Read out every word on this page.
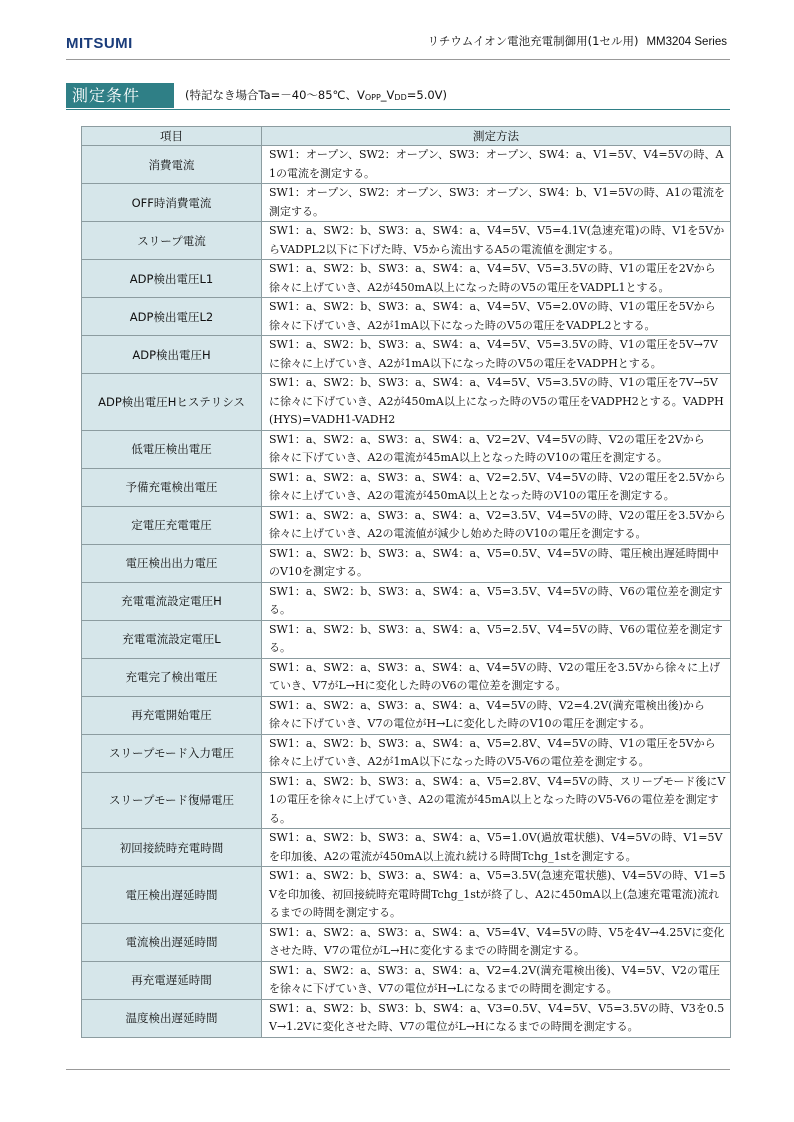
MITSUMI	リチウムイオン電池充電制御用(1セル用) MM3204 Series
測定条件	(特記なき場合Ta=－40～85℃、VOPP_VDD=5.0V)
項目	測定方法
消費電流	SW1：オープン、SW2：オープン、SW3：オープン、SW4：a、V1=5V、V4=5Vの時、A1の電流を測定する。
OFF時消費電流	SW1：オープン、SW2：オープン、SW3：オープン、SW4：b、V1=5Vの時、A1の電流を測定する。
スリープ電流	SW1：a、SW2：b、SW3：a、SW4：a、V4=5V、V5=4.1V(急速充電)の時、V1を5VからVADPL2以下に下げた時、V5から流出するA5の電流値を測定する。
ADP検出電圧L1	SW1：a、SW2：b、SW3：a、SW4：a、V4=5V、V5=3.5Vの時、V1の電圧を2Vから徐々に上げていき、A2が450mA以上になった時のV5の電圧をVADPL1とする。
ADP検出電圧L2	SW1：a、SW2：b、SW3：a、SW4：a、V4=5V、V5=2.0Vの時、V1の電圧を5Vから徐々に下げていき、A2が1mA以下になった時のV5の電圧をVADPL2とする。
ADP検出電圧H	SW1：a、SW2：b、SW3：a、SW4：a、V4=5V、V5=3.5Vの時、V1の電圧を5V→7Vに徐々に上げていき、A2が1mA以下になった時のV5の電圧をVADPHとする。
ADP検出電圧Hヒステリシス	SW1：a、SW2：b、SW3：a、SW4：a、V4=5V、V5=3.5Vの時、V1の電圧を7V→5Vに徐々に下げていき、A2が450mA以上になった時のV5の電圧をVADPH2とする。VADPH(HYS)=VADH1-VADH2
低電圧検出電圧	SW1：a、SW2：a、SW3：a、SW4：a、V2=2V、V4=5Vの時、V2の電圧を2Vから徐々に下げていき、A2の電流が45mA以上となった時のV10の電圧を測定する。
予備充電検出電圧	SW1：a、SW2：a、SW3：a、SW4：a、V2=2.5V、V4=5Vの時、V2の電圧を2.5Vから徐々に上げていき、A2の電流が450mA以上となった時のV10の電圧を測定する。
定電圧充電電圧	SW1：a、SW2：a、SW3：a、SW4：a、V2=3.5V、V4=5Vの時、V2の電圧を3.5Vから徐々に上げていき、A2の電流値が減少し始めた時のV10の電圧を測定する。
電圧検出出力電圧	SW1：a、SW2：b、SW3：a、SW4：a、V5=0.5V、V4=5Vの時、電圧検出遅延時間中のV10を測定する。
充電電流設定電圧H	SW1：a、SW2：b、SW3：a、SW4：a、V5=3.5V、V4=5Vの時、V6の電位差を測定する。
充電電流設定電圧L	SW1：a、SW2：b、SW3：a、SW4：a、V5=2.5V、V4=5Vの時、V6の電位差を測定する。
充電完了検出電圧	SW1：a、SW2：a、SW3：a、SW4：a、V4=5Vの時、V2の電圧を3.5Vから徐々に上げていき、V7がL→Hに変化した時のV6の電位差を測定する。
再充電開始電圧	SW1：a、SW2：a、SW3：a、SW4：a、V4=5Vの時、V2=4.2V(満充電検出後)から徐々に下げていき、V7の電位がH→Lに変化した時のV10の電圧を測定する。
スリープモード入力電圧	SW1：a、SW2：b、SW3：a、SW4：a、V5=2.8V、V4=5Vの時、V1の電圧を5Vから徐々に上げていき、A2が1mA以下になった時のV5-V6の電位差を測定する。
スリープモード復帰電圧	SW1：a、SW2：b、SW3：a、SW4：a、V5=2.8V、V4=5Vの時、スリープモード後にV1の電圧を徐々に上げていき、A2の電流が45mA以上となった時のV5-V6の電位差を測定する。
初回接続時充電時間	SW1：a、SW2：b、SW3：a、SW4：a、V5=1.0V(過放電状態)、V4=5Vの時、V1=5Vを印加後、A2の電流が450mA以上流れ続ける時間Tchg_1stを測定する。
電圧検出遅延時間	SW1：a、SW2：b、SW3：a、SW4：a、V5=3.5V(急速充電状態)、V4=5Vの時、V1=5Vを印加後、初回接続時充電時間Tchg_1stが終了し、A2に450mA以上(急速充電電流)流れるまでの時間を測定する。
電流検出遅延時間	SW1：a、SW2：a、SW3：a、SW4：a、V5=4V、V4=5Vの時、V5を4V→4.25Vに変化させた時、V7の電位がL→Hに変化するまでの時間を測定する。
再充電遅延時間	SW1：a、SW2：a、SW3：a、SW4：a、V2=4.2V(満充電検出後)、V4=5V、V2の電圧を徐々に下げていき、V7の電位がH→Lになるまでの時間を測定する。
温度検出遅延時間	SW1：a、SW2：b、SW3：b、SW4：a、V3=0.5V、V4=5V、V5=3.5Vの時、V3を0.5V→1.2Vに変化させた時、V7の電位がL→Hになるまでの時間を測定する。
